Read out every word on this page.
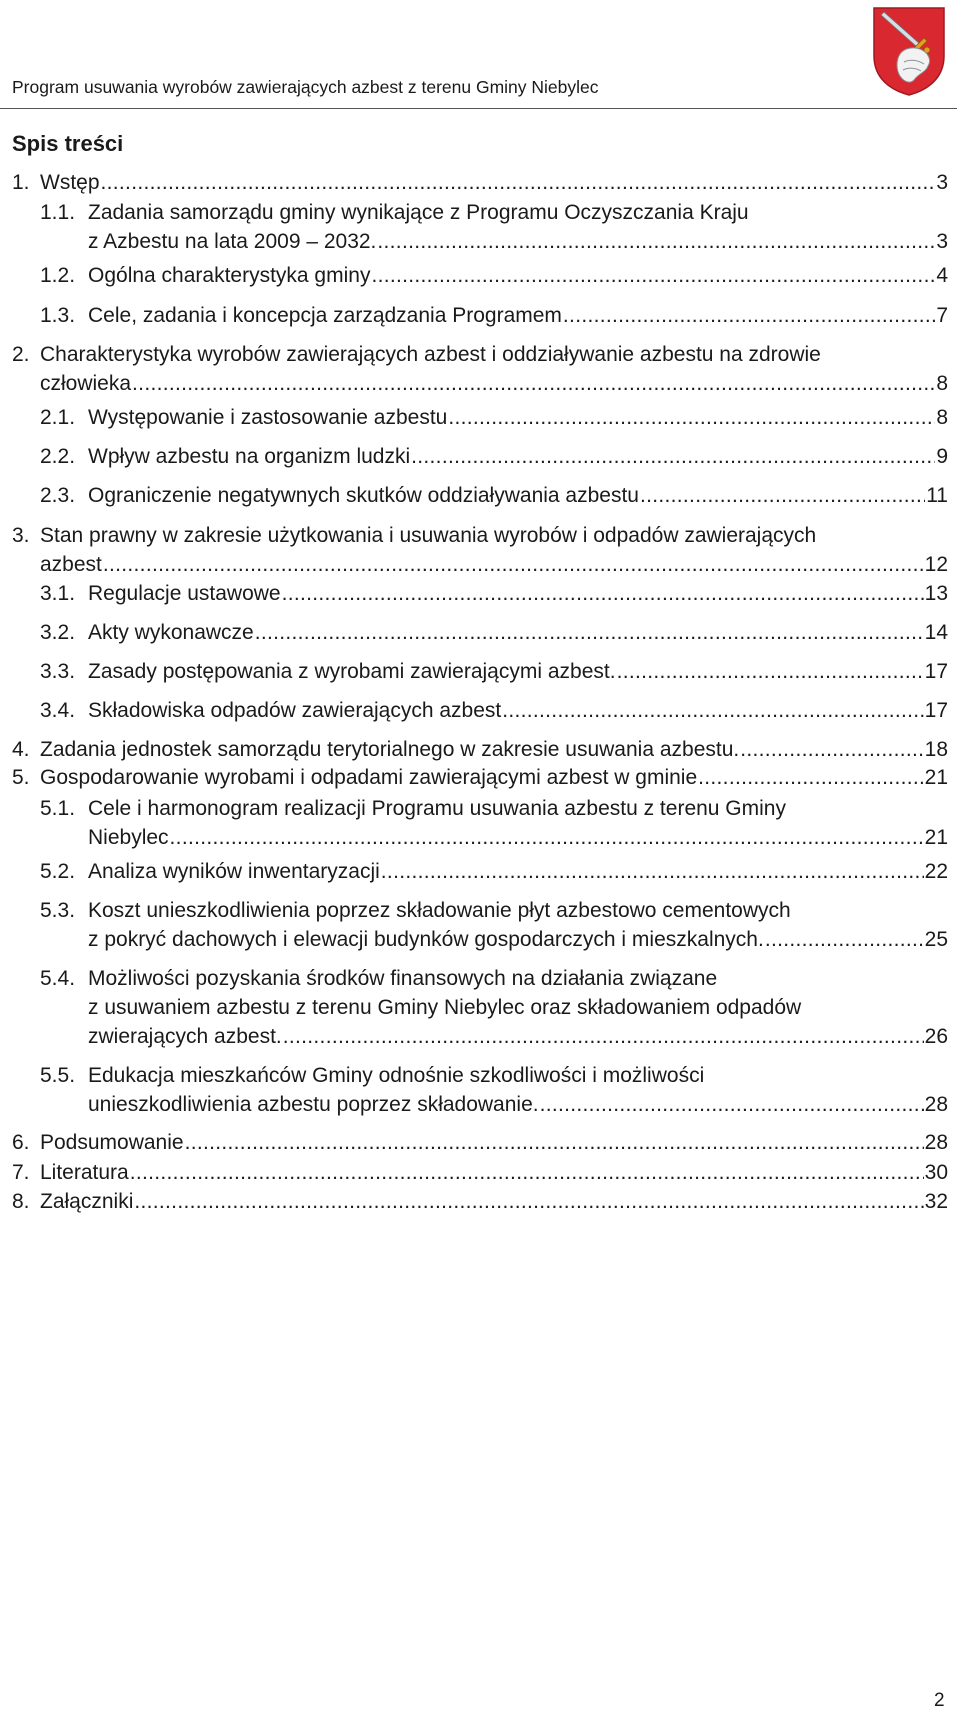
Program usuwania wyrobów zawierających azbest z terenu Gminy Niebylec
Spis treści
1. Wstęp .....	3
1.1. Zadania samorządu gminy wynikające z Programu Oczyszczania Kraju
z Azbestu na lata 2009 – 2032. .....	3
1.2. Ogólna charakterystyka gminy .....	4
1.3. Cele, zadania i koncepcja zarządzania Programem .....	7
2. Charakterystyka wyrobów zawierających azbest i oddziaływanie azbestu na zdrowie
człowieka .....	8
2.1. Występowanie i zastosowanie azbestu .....	8
2.2. Wpływ azbestu na organizm ludzki .....	9
2.3. Ograniczenie negatywnych skutków oddziaływania azbestu .....	11
3. Stan prawny w zakresie użytkowania i usuwania wyrobów i odpadów zawierających
azbest .....	12
3.1. Regulacje ustawowe .....	13
3.2. Akty wykonawcze .....	14
3.3. Zasady postępowania z wyrobami zawierającymi azbest. .....	17
3.4. Składowiska odpadów zawierających azbest .....	17
4. Zadania jednostek samorządu terytorialnego w zakresie usuwania azbestu. .....	18
5. Gospodarowanie wyrobami i odpadami zawierającymi azbest w gminie .....	21
5.1. Cele i harmonogram realizacji Programu usuwania azbestu z terenu Gminy
Niebylec .....	21
5.2. Analiza wyników inwentaryzacji .....	22
5.3. Koszt unieszkodliwienia poprzez składowanie płyt azbestowo cementowych
z pokryć dachowych i elewacji budynków gospodarczych i mieszkalnych. .....	25
5.4. Możliwości pozyskania środków finansowych na działania związane
z usuwaniem azbestu z terenu Gminy Niebylec oraz składowaniem odpadów
zwierających azbest. .....	26
5.5. Edukacja mieszkańców Gminy odnośnie szkodliwości i możliwości
unieszkodliwienia azbestu poprzez składowanie. .....	28
6. Podsumowanie .....	28
7. Literatura .....	30
8. Załączniki .....	32
2
